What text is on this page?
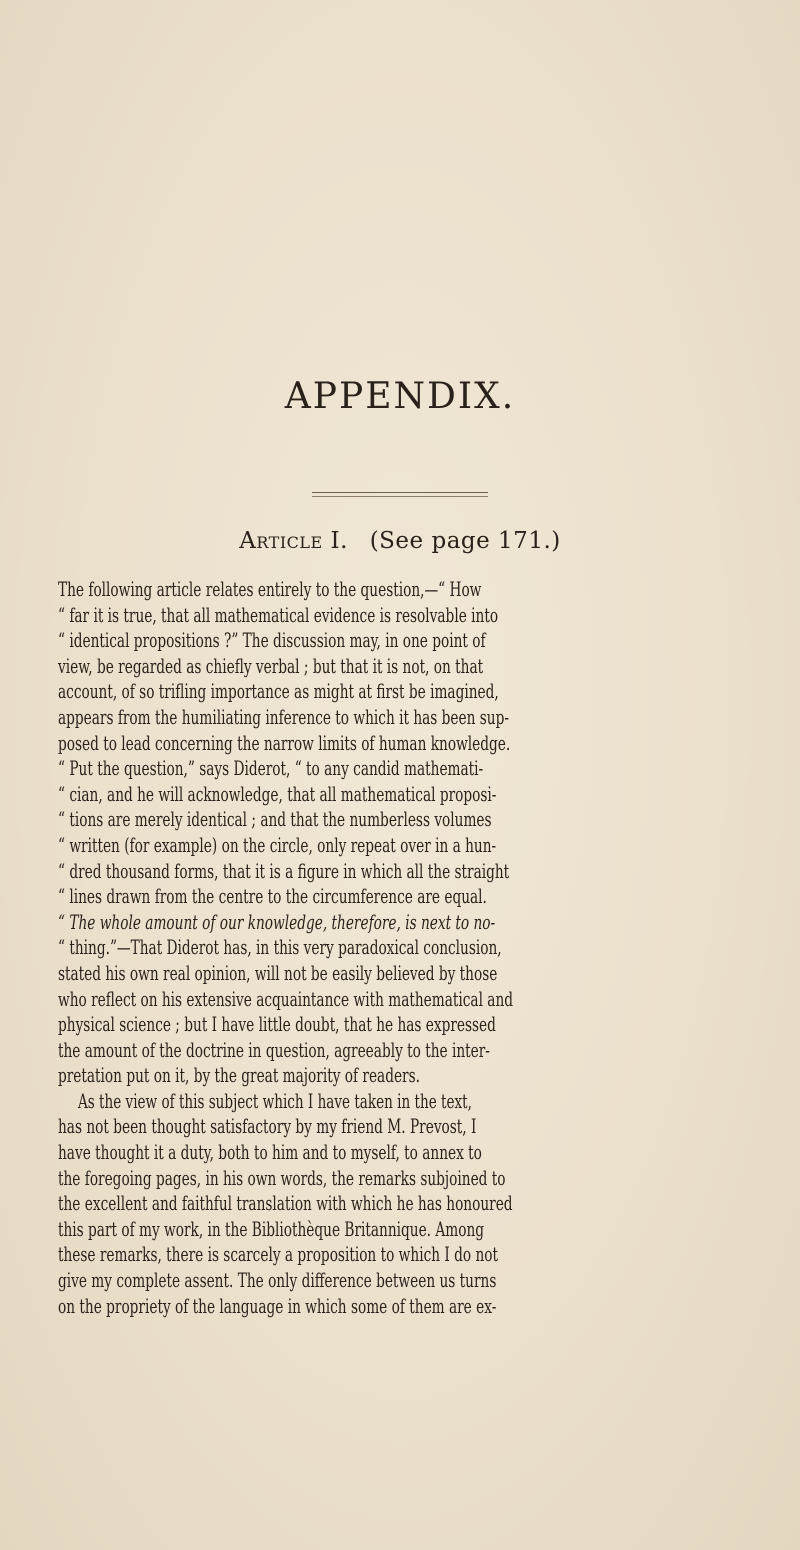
APPENDIX.
Article I. (See page 171.)
The following article relates entirely to the question,—“ How
“ far it is true, that all mathematical evidence is resolvable into
“ identical propositions ?” The discussion may, in one point of
view, be regarded as chiefly verbal ; but that it is not, on that
account, of so trifling importance as might at first be imagined,
appears from the humiliating inference to which it has been sup-
posed to lead concerning the narrow limits of human knowledge.
“ Put the question,” says Diderot, “ to any candid mathemati-
“ cian, and he will acknowledge, that all mathematical proposi-
“ tions are merely identical ; and that the numberless volumes
“ written (for example) on the circle, only repeat over in a hun-
“ dred thousand forms, that it is a figure in which all the straight
“ lines drawn from the centre to the circumference are equal.
“ The whole amount of our knowledge, therefore, is next to no-
“ thing.”—That Diderot has, in this very paradoxical conclusion,
stated his own real opinion, will not be easily believed by those
who reflect on his extensive acquaintance with mathematical and
physical science ; but I have little doubt, that he has expressed
the amount of the doctrine in question, agreeably to the inter-
pretation put on it, by the great majority of readers.
As the view of this subject which I have taken in the text,
has not been thought satisfactory by my friend M. Prevost, I
have thought it a duty, both to him and to myself, to annex to
the foregoing pages, in his own words, the remarks subjoined to
the excellent and faithful translation with which he has honoured
this part of my work, in the Bibliothèque Britannique. Among
these remarks, there is scarcely a proposition to which I do not
give my complete assent. The only difference between us turns
on the propriety of the language in which some of them are ex-
